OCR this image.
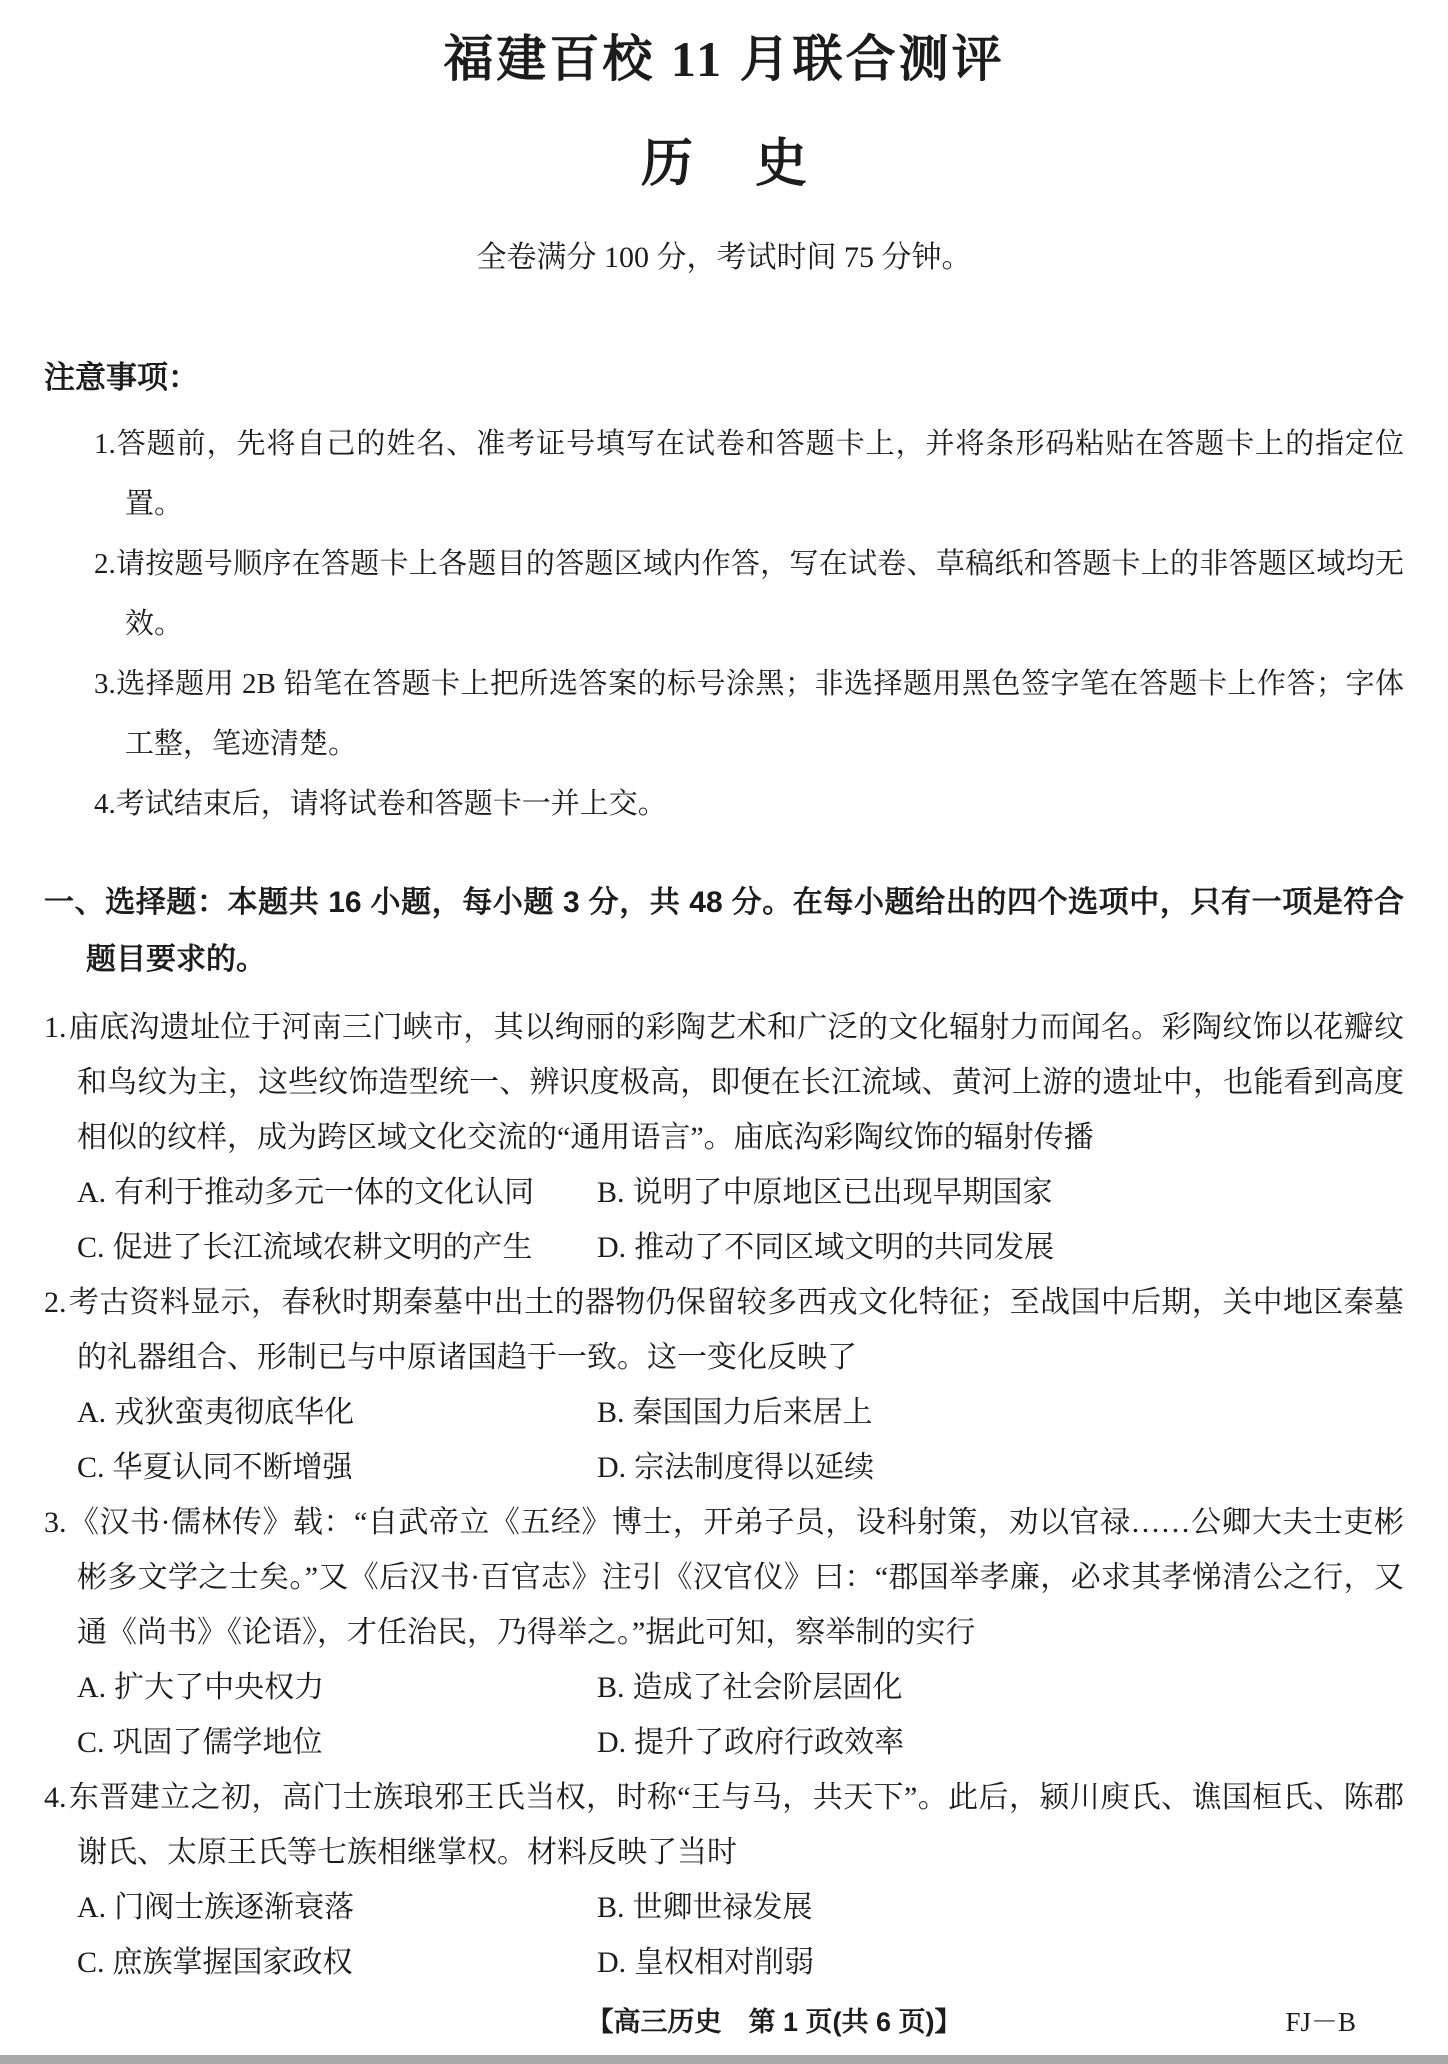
福建百校 11 月联合测评
历史
全卷满分 100 分，考试时间 75 分钟。
注意事项：
1.答题前，先将自己的姓名、准考证号填写在试卷和答题卡上，并将条形码粘贴在答题卡上的指定位置。
2.请按题号顺序在答题卡上各题目的答题区域内作答，写在试卷、草稿纸和答题卡上的非答题区域均无效。
3.选择题用 2B 铅笔在答题卡上把所选答案的标号涂黑；非选择题用黑色签字笔在答题卡上作答；字体工整，笔迹清楚。
4.考试结束后，请将试卷和答题卡一并上交。
一、选择题：本题共 16 小题，每小题 3 分，共 48 分。在每小题给出的四个选项中，只有一项是符合题目要求的。
1.庙底沟遗址位于河南三门峡市，其以绚丽的彩陶艺术和广泛的文化辐射力而闻名。彩陶纹饰以花瓣纹和鸟纹为主，这些纹饰造型统一、辨识度极高，即便在长江流域、黄河上游的遗址中，也能看到高度相似的纹样，成为跨区域文化交流的“通用语言”。庙底沟彩陶纹饰的辐射传播
A. 有利于推动多元一体的文化认同	B. 说明了中原地区已出现早期国家
C. 促进了长江流域农耕文明的产生	D. 推动了不同区域文明的共同发展
2.考古资料显示，春秋时期秦墓中出土的器物仍保留较多西戎文化特征；至战国中后期，关中地区秦墓的礼器组合、形制已与中原诸国趋于一致。这一变化反映了
A. 戎狄蛮夷彻底华化	B. 秦国国力后来居上
C. 华夏认同不断增强	D. 宗法制度得以延续
3.《汉书·儒林传》载：“自武帝立《五经》博士，开弟子员，设科射策，劝以官禄……公卿大夫士吏彬彬多文学之士矣。”又《后汉书·百官志》注引《汉官仪》曰：“郡国举孝廉，必求其孝悌清公之行，又通《尚书》《论语》，才任治民，乃得举之。”据此可知，察举制的实行
A. 扩大了中央权力	B. 造成了社会阶层固化
C. 巩固了儒学地位	D. 提升了政府行政效率
4.东晋建立之初，高门士族琅邪王氏当权，时称“王与马，共天下”。此后，颍川庾氏、谯国桓氏、陈郡谢氏、太原王氏等七族相继掌权。材料反映了当时
A. 门阀士族逐渐衰落	B. 世卿世禄发展
C. 庶族掌握国家政权	D. 皇权相对削弱
【高三历史　第 1 页(共 6 页)】	FJ－B
